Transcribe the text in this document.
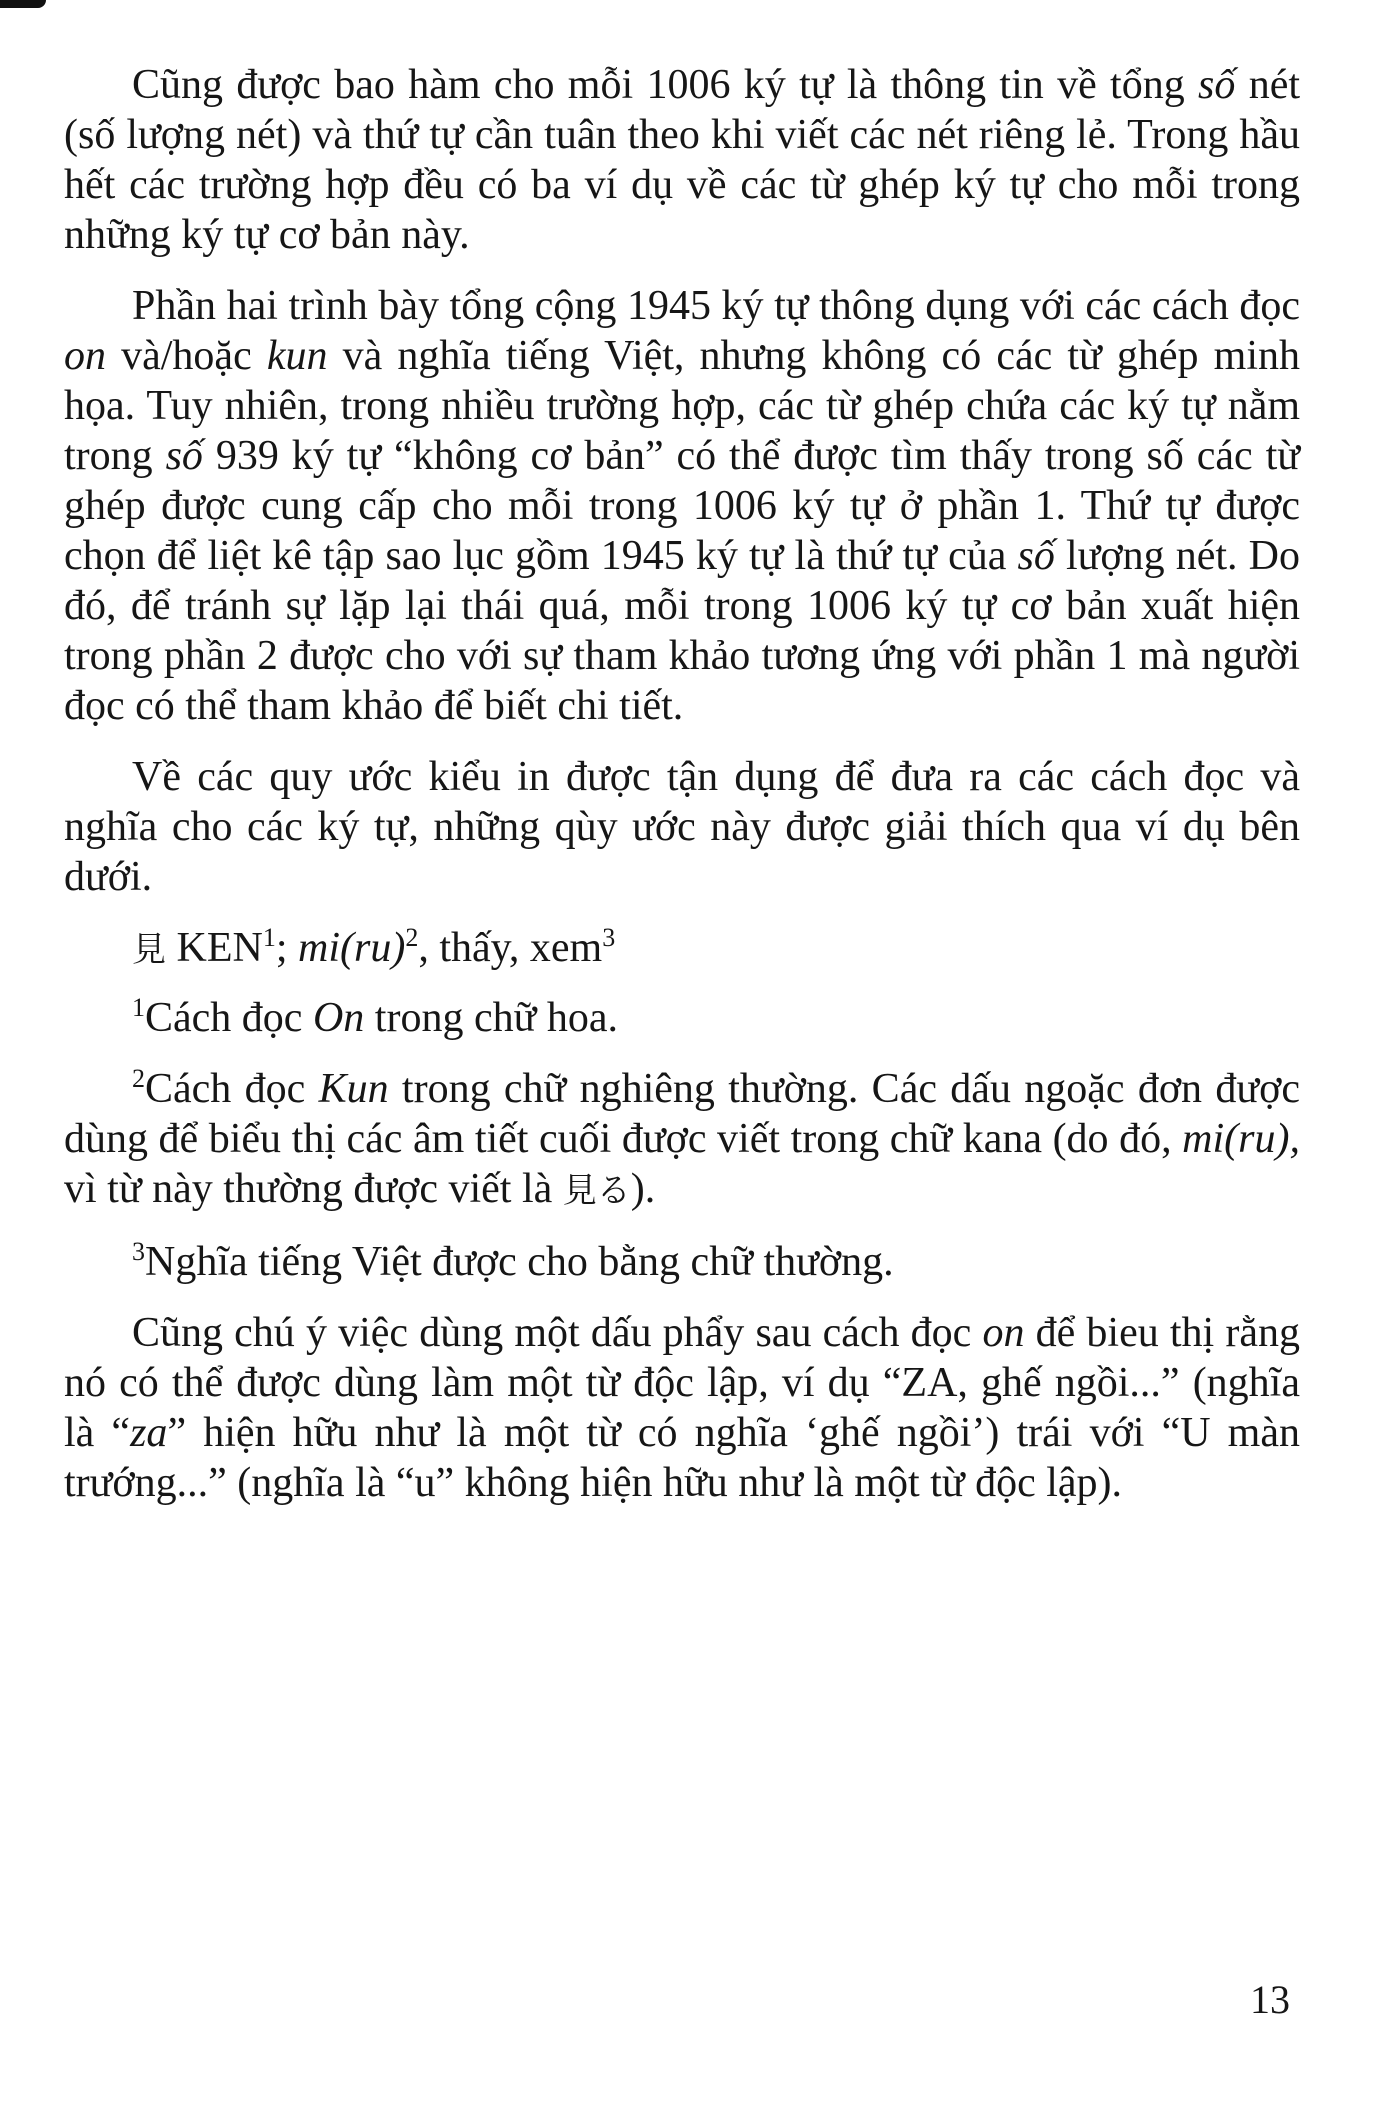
Cũng được bao hàm cho mỗi 1006 ký tự là thông tin về tổng số nét (số lượng nét) và thứ tự cần tuân theo khi viết các nét riêng lẻ. Trong hầu hết các trường hợp đều có ba ví dụ về các từ ghép ký tự cho mỗi trong những ký tự cơ bản này.

Phần hai trình bày tổng cộng 1945 ký tự thông dụng với các cách đọc on và/hoặc kun và nghĩa tiếng Việt, nhưng không có các từ ghép minh họa. Tuy nhiên, trong nhiều trường hợp, các từ ghép chứa các ký tự nằm trong số 939 ký tự “không cơ bản” có thể được tìm thấy trong số các từ ghép được cung cấp cho mỗi trong 1006 ký tự ở phần 1. Thứ tự được chọn để liệt kê tập sao lục gồm 1945 ký tự là thứ tự của số lượng nét. Do đó, để tránh sự lặp lại thái quá, mỗi trong 1006 ký tự cơ bản xuất hiện trong phần 2 được cho với sự tham khảo tương ứng với phần 1 mà người đọc có thể tham khảo để biết chi tiết.

Về các quy ước kiểu in được tận dụng để đưa ra các cách đọc và nghĩa cho các ký tự, những qùy ước này được giải thích qua ví dụ bên dưới.

見 KEN$^1$; mi(ru)$^2$, thấy, xem$^3$

$^1$Cách đọc On trong chữ hoa.

$^2$Cách đọc Kun trong chữ nghiêng thường. Các dấu ngoặc đơn được dùng để biểu thị các âm tiết cuối được viết trong chữ kana (do đó, mi(ru), vì từ này thường được viết là 見る).

$^3$Nghĩa tiếng Việt được cho bằng chữ thường.

Cũng chú ý việc dùng một dấu phẩy sau cách đọc on để bieu thị rằng nó có thể được dùng làm một từ độc lập, ví dụ “ZA, ghế ngồi...” (nghĩa là “za” hiện hữu như là một từ có nghĩa ‘ghế ngồi’) trái với “U màn trướng...” (nghĩa là “u” không hiện hữu như là một từ độc lập).

13
